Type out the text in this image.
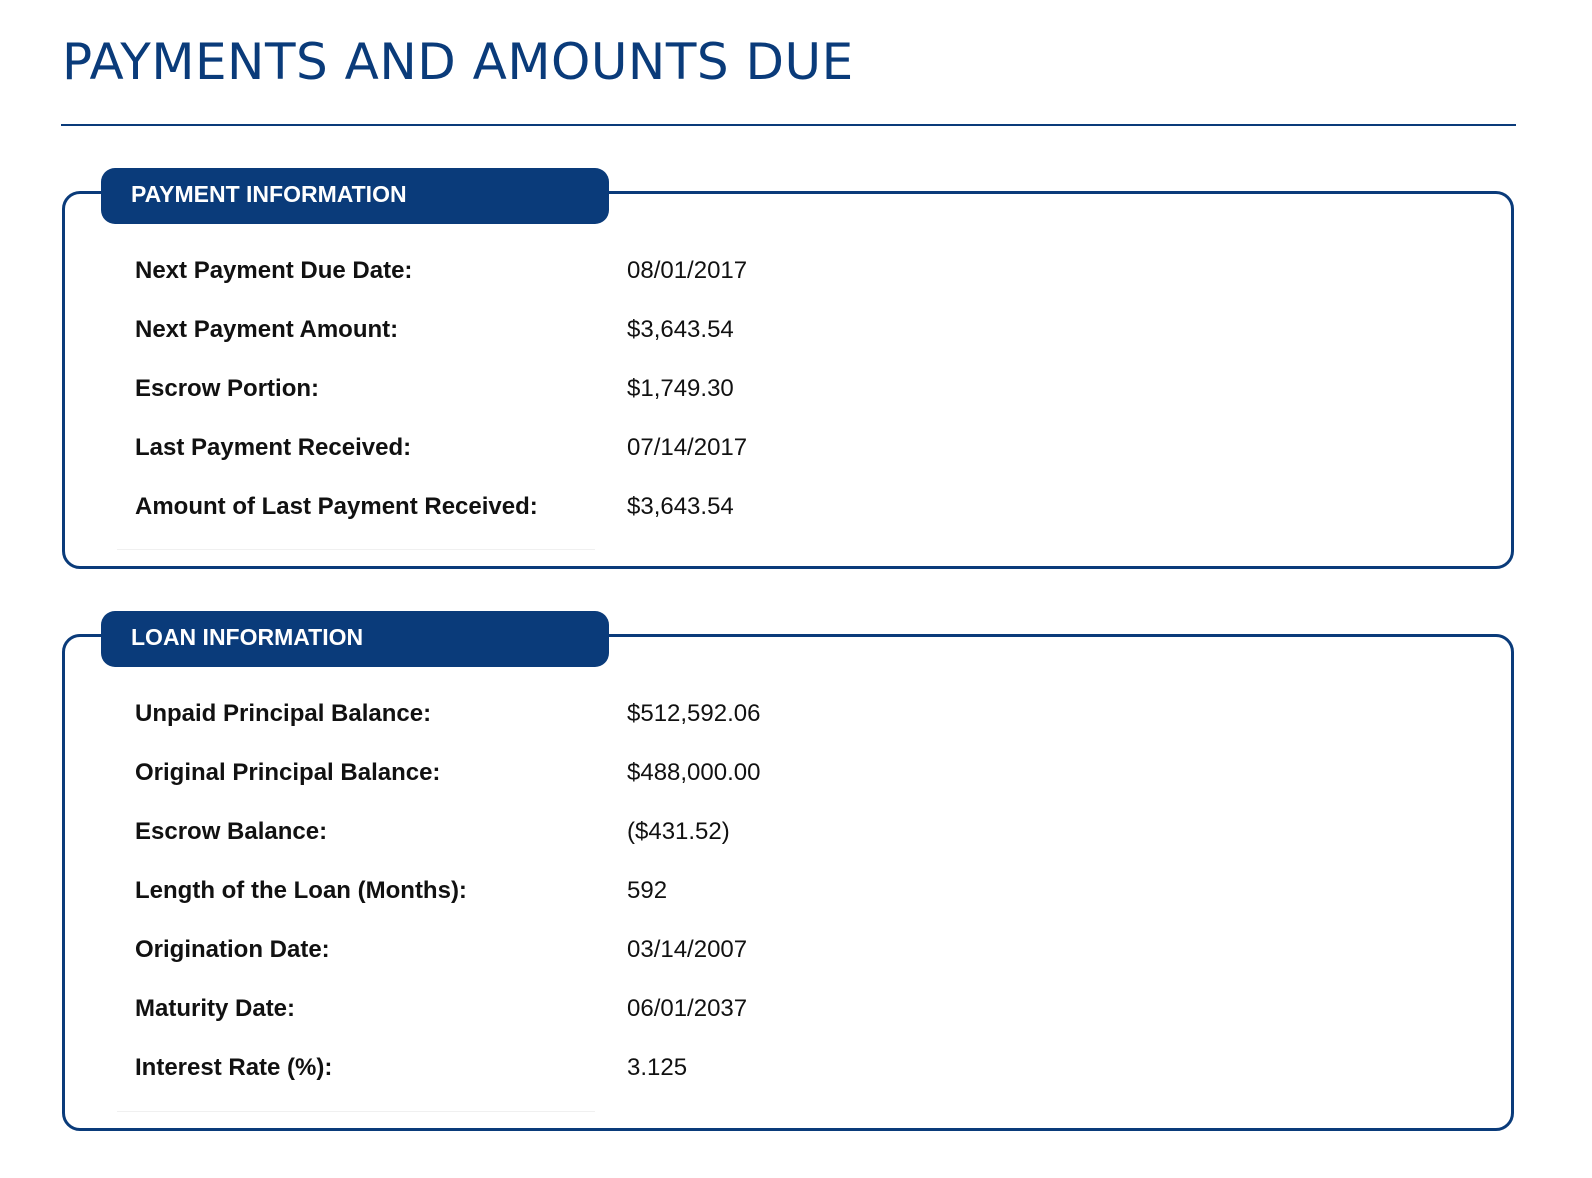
PAYMENTS AND AMOUNTS DUE
PAYMENT INFORMATION
Next Payment Due Date:	08/01/2017
Next Payment Amount:	$3,643.54
Escrow Portion:	$1,749.30
Last Payment Received:	07/14/2017
Amount of Last Payment Received:	$3,643.54
LOAN INFORMATION
Unpaid Principal Balance:	$512,592.06
Original Principal Balance:	$488,000.00
Escrow Balance:	($431.52)
Length of the Loan (Months):	592
Origination Date:	03/14/2007
Maturity Date:	06/01/2037
Interest Rate (%):	3.125
